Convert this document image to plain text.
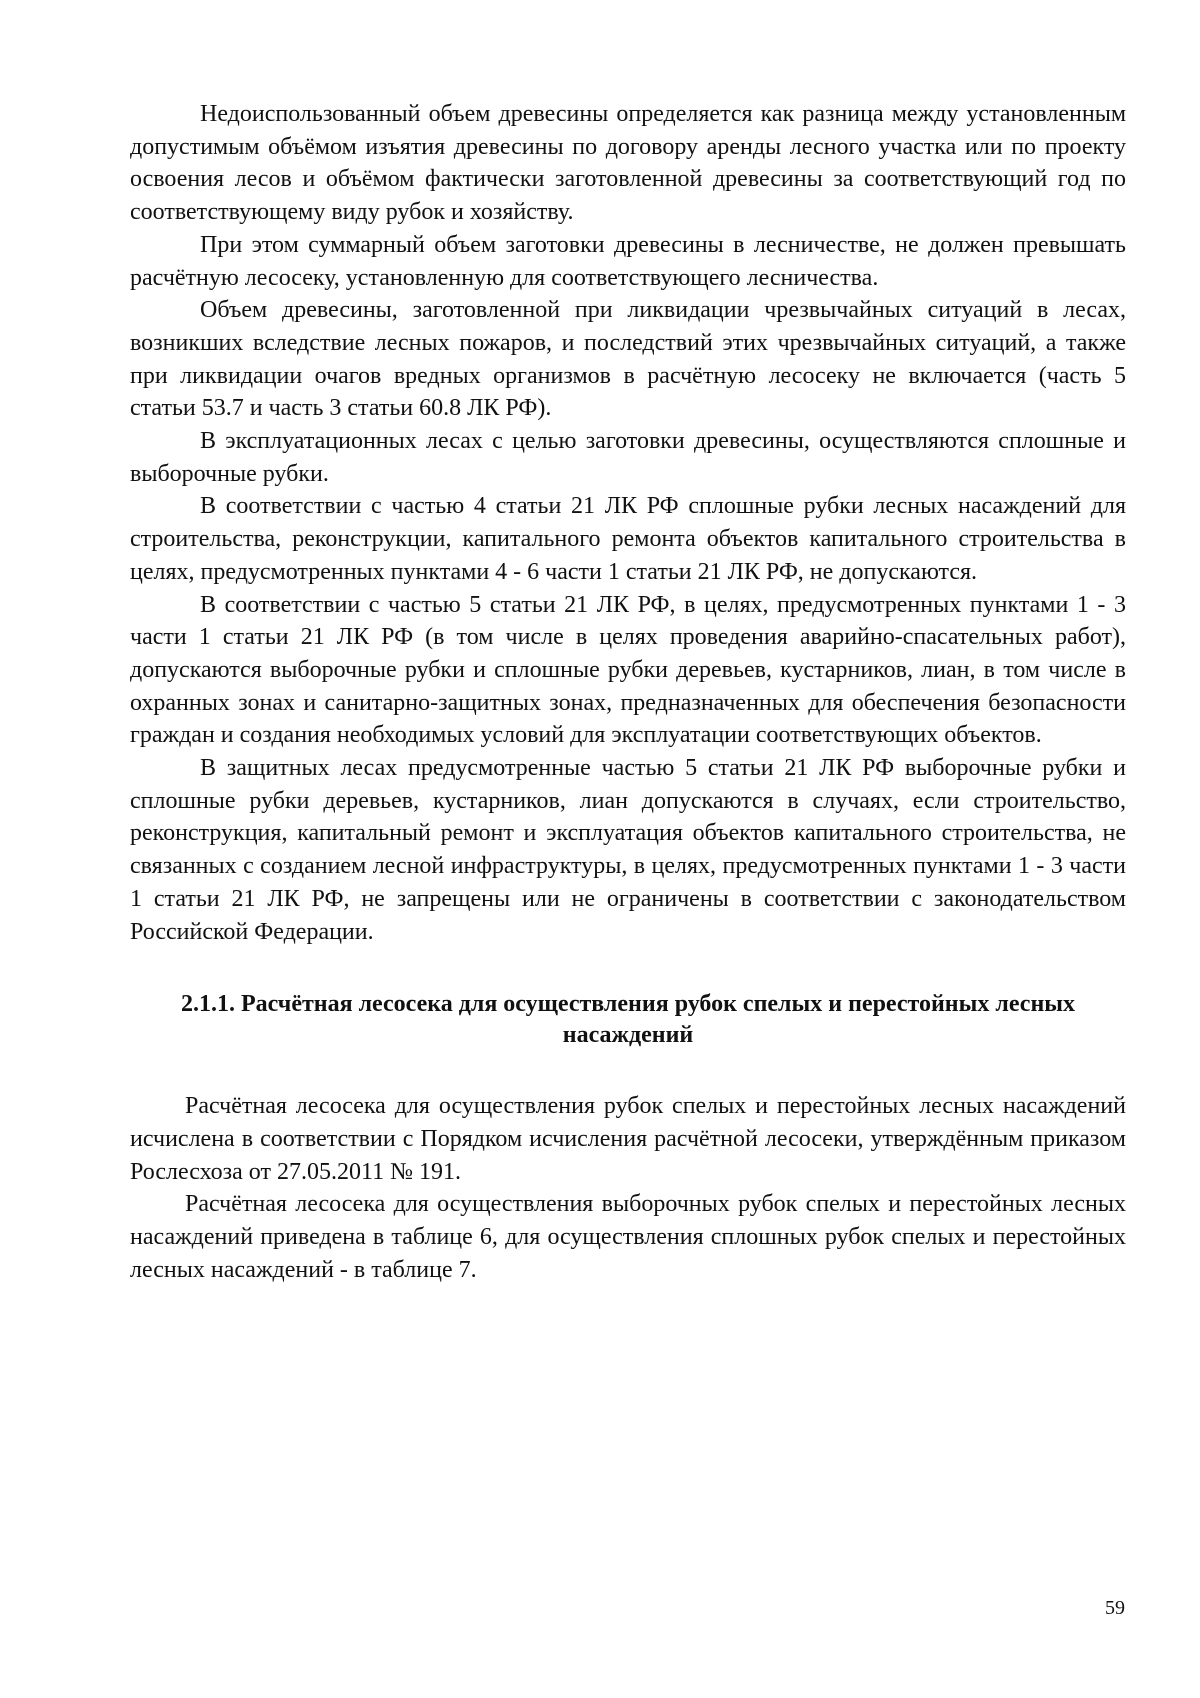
Недоиспользованный объем древесины определяется как разница между установленным допустимым объёмом изъятия древесины по договору аренды лесного участка или по проекту освоения лесов и объёмом фактически заготовленной древесины за соответствующий год по соответствующему виду рубок и хозяйству.

При этом суммарный объем заготовки древесины в лесничестве, не должен превышать расчётную лесосеку, установленную для соответствующего лесничества.

Объем древесины, заготовленной при ликвидации чрезвычайных ситуаций в лесах, возникших вследствие лесных пожаров, и последствий этих чрезвычайных ситуаций, а также при ликвидации очагов вредных организмов в расчётную лесосеку не включается (часть 5 статьи 53.7 и часть 3 статьи 60.8 ЛК РФ).

В эксплуатационных лесах с целью заготовки древесины, осуществляются сплошные и выборочные рубки.

В соответствии с частью 4 статьи 21 ЛК РФ сплошные рубки лесных насаждений для строительства, реконструкции, капитального ремонта объектов капитального строительства в целях, предусмотренных пунктами 4 - 6 части 1 статьи 21 ЛК РФ, не допускаются.

В соответствии с частью 5 статьи 21 ЛК РФ, в целях, предусмотренных пунктами 1 - 3 части 1 статьи 21 ЛК РФ (в том числе в целях проведения аварийно-спасательных работ), допускаются выборочные рубки и сплошные рубки деревьев, кустарников, лиан, в том числе в охранных зонах и санитарно-защитных зонах, предназначенных для обеспечения безопасности граждан и создания необходимых условий для эксплуатации соответствующих объектов.

В защитных лесах предусмотренные частью 5 статьи 21 ЛК РФ выборочные рубки и сплошные рубки деревьев, кустарников, лиан допускаются в случаях, если строительство, реконструкция, капитальный ремонт и эксплуатация объектов капитального строительства, не связанных с созданием лесной инфраструктуры, в целях, предусмотренных пунктами 1 - 3 части 1 статьи 21 ЛК РФ, не запрещены или не ограничены в соответствии с законодательством Российской Федерации.

2.1.1. Расчётная лесосека для осуществления рубок спелых и перестойных лесных насаждений

Расчётная лесосека для осуществления рубок спелых и перестойных лесных насаждений исчислена в соответствии с Порядком исчисления расчётной лесосеки, утверждённым приказом Рослесхоза от 27.05.2011 № 191.

Расчётная лесосека для осуществления выборочных рубок спелых и перестойных лесных насаждений приведена в таблице 6, для осуществления сплошных рубок спелых и перестойных лесных насаждений - в таблице 7.

59
